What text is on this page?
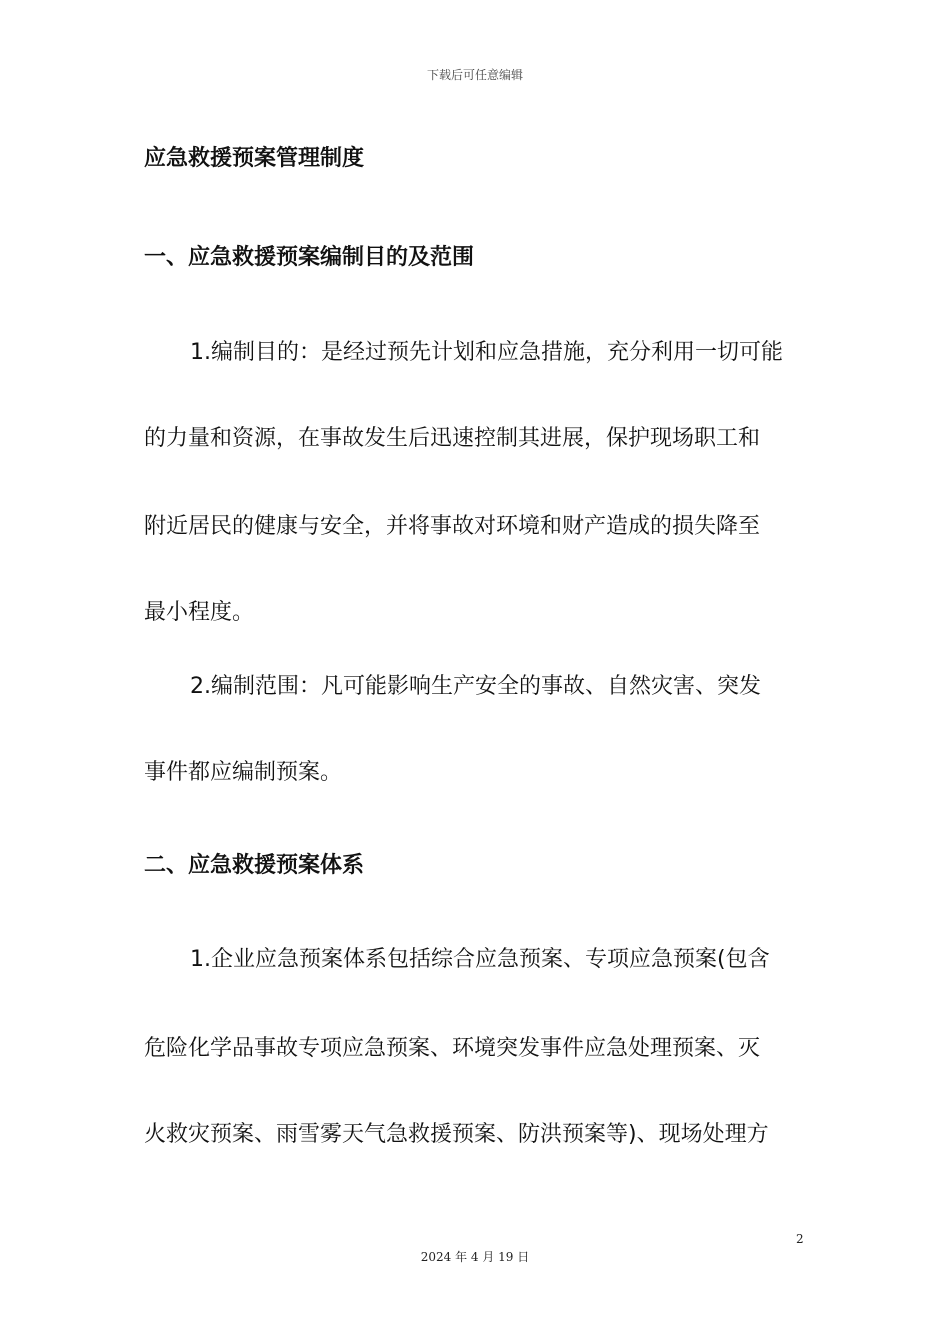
下载后可任意编辑
应急救援预案管理制度
一、应急救援预案编制目的及范围
1.编制目的：是经过预先计划和应急措施，充分利用一切可能
的力量和资源，在事故发生后迅速控制其进展，保护现场职工和
附近居民的健康与安全，并将事故对环境和财产造成的损失降至
最小程度。
2.编制范围：凡可能影响生产安全的事故、自然灾害、突发
事件都应编制预案。
二、应急救援预案体系
1.企业应急预案体系包括综合应急预案、专项应急预案(包含
危险化学品事故专项应急预案、环境突发事件应急处理预案、灭
火救灾预案、雨雪雾天气急救援预案、防洪预案等)、现场处理方
2
2024 年 4 月 19 日
